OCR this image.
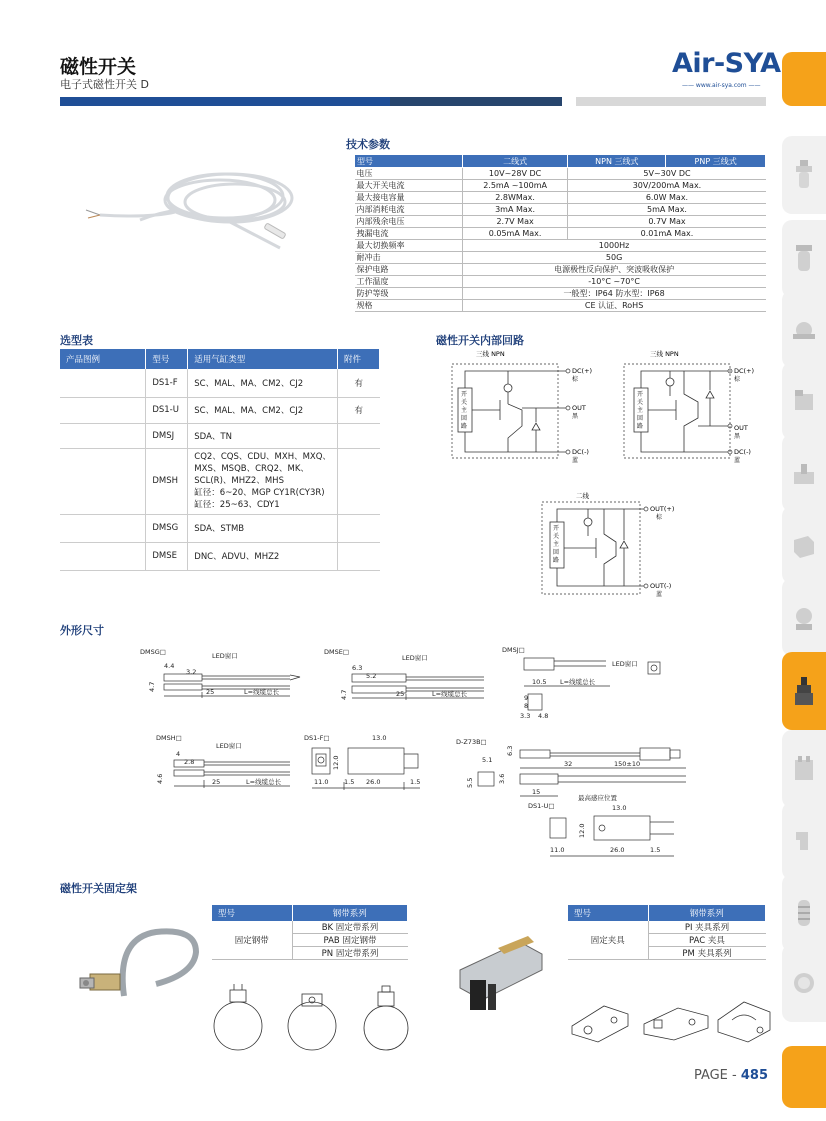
磁性开关
电子式磁性开关 D
Air-SYA
—— www.air-sya.com ——
技术参数
型号	二线式	NPN 三线式	PNP 三线式
电压	10V~28V DC	5V~30V DC	
最大开关电流	2.5mA ~100mA	30V/200mA Max.	
最大接电容量	2.8WMax.	6.0W Max.	
内部消耗电流	3mA Max.	5mA Max.	
内部残余电压	2.7V Max	0.7V Max	
拽漏电流	0.05mA Max.	0.01mA Max.	
最大切换频率	1000Hz		
耐冲击	50G		
保护电路	电源极性反向保护、突波吸收保护		
工作温度	-10°C ~70°C		
防护等级	一般型：IP64 防水型：IP68		
规格	CE 认证、RoHS		
选型表
产品图例	型号	适用气缸类型	附件
	DS1-F	SC、MAL、MA、CM2、CJ2	有
	DS1-U	SC、MAL、MA、CM2、CJ2	有
	DMSJ	SDA、TN	
	DMSH	CQ2、CQS、CDU、MXH、MXQ、
MXS、MSQB、CRQ2、MK、
SCL(R)、MHZ2、MHS
缸径：6~20、MGP CY1R(CY3R)
缸径：25~63、CDY1	

	DMSG	SDA、STMB	
	DMSE	DNC、ADVU、MHZ2	
磁性开关内部回路
三线 NPN
开
关
主
回
路
DC(+)
棕
OUT
黑
DC(-)
蓝
三线 NPN
开
关
主
回
路
DC(+)
棕
OUT
黑
DC(-)
蓝
二线
开
关
主
回
路
OUT(+)
棕
OUT(-)
蓝
外形尺寸
DMSG□	LED窗口
4.4
3.2
4.7	25	L=线缆总长
DMSE□
LED窗口
6.3
5.2
4.7	25	L=线缆总长
DMSJ□
LED窗口
10.5 L=线缆总长
9
8
3.3 4.8
DMSH□
LED窗口
4
2.8
4.6	25	L=线缆总长
DS1-F□	13.0
12.0
11.0 1.5 26.0	1.5
D-Z73B□
6.3
5.1	32	150±10
5.5	3.6
15
最高感应位置
DS1-U□	13.0
12.0
11.0	26.0	1.5
磁性开关固定架
型号	钢带系列
固定钢带	BK 固定带系列
	PAB 固定钢带
	PN 固定带系列
型号	钢带系列
固定夹具	PI 夹具系列
	PAC 夹具
	PM 夹具系列
PAGE - 485
